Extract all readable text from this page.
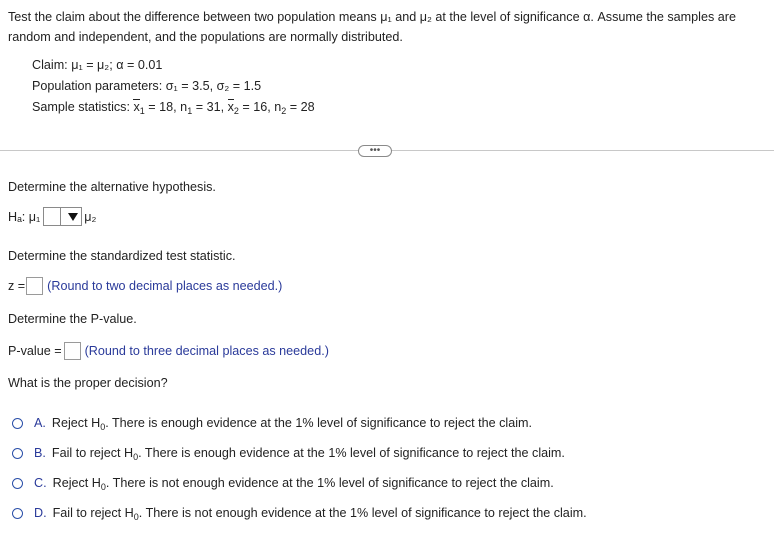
Test the claim about the difference between two population means μ₁ and μ₂ at the level of significance α. Assume the samples are random and independent, and the populations are normally distributed.
Claim: μ₁ = μ₂; α = 0.01
Population parameters: σ₁ = 3.5, σ₂ = 1.5
Sample statistics: $x_1 = 18$, $n_1 = 31$, $x_2 = 16$, $n_2 = 28$
•••
Determine the alternative hypothesis.
Hₐ: μ₁	μ₂
Determine the standardized test statistic.
z = (Round to two decimal places as needed.)
Determine the P-value.
P-value = (Round to three decimal places as needed.)
What is the proper decision?
A. Reject $H_0$. There is enough evidence at the 1% level of significance to reject the claim.
B. Fail to reject $H_0$. There is enough evidence at the 1% level of significance to reject the claim.
C. Reject $H_0$. There is not enough evidence at the 1% level of significance to reject the claim.
D. Fail to reject $H_0$. There is not enough evidence at the 1% level of significance to reject the claim.
